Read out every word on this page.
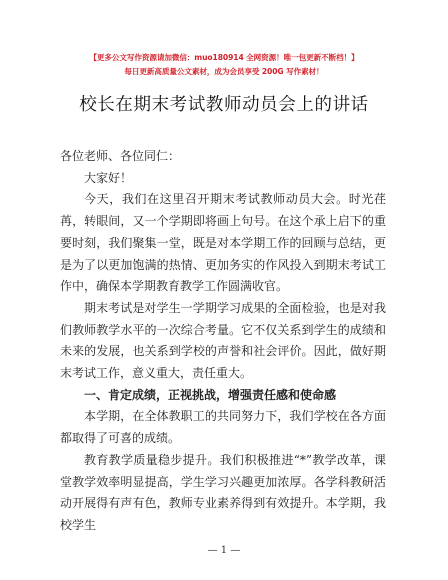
【更多公文写作资源请加微信：muo180914 全网资源！唯一包更新不断档！】
每日更新高质量公文素材，成为会员享受 200G 写作素材！
校长在期末考试教师动员会上的讲话

各位老师、各位同仁：

大家好！

今天，我们在这里召开期末考试教师动员大会。时光荏苒，转眼间，又一个学期即将画上句号。在这个承上启下的重要时刻，我们聚集一堂，既是对本学期工作的回顾与总结，更是为了以更加饱满的热情、更加务实的作风投入到期末考试工作中，确保本学期教育教学工作圆满收官。

期末考试是对学生一学期学习成果的全面检验，也是对我们教师教学水平的一次综合考量。它不仅关系到学生的成绩和未来的发展，也关系到学校的声誉和社会评价。因此，做好期末考试工作，意义重大，责任重大。

一、肯定成绩，正视挑战，增强责任感和使命感

本学期，在全体教职工的共同努力下，我们学校在各方面都取得了可喜的成绩。

教育教学质量稳步提升。我们积极推进“*”教学改革，课堂教学效率明显提高，学生学习兴趣更加浓厚。各学科教研活动开展得有声有色，教师专业素养得到有效提升。本学期，我校学生

— 1 —
